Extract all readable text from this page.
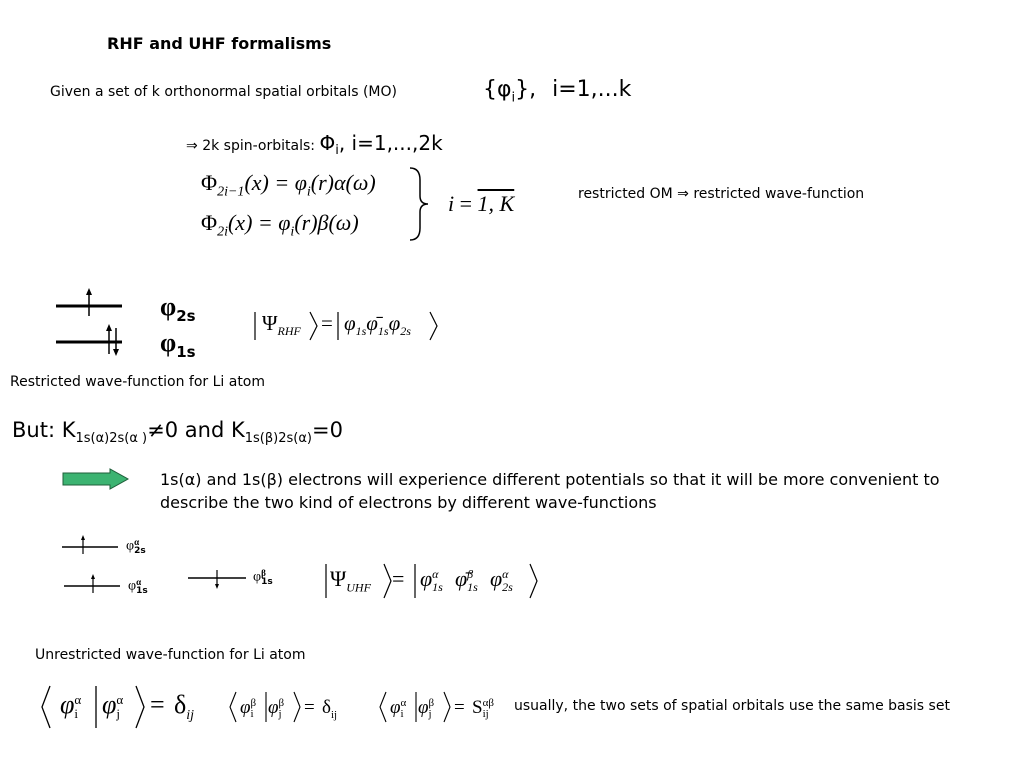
RHF and UHF formalisms
Given a set of k orthonormal spatial orbitals (MO)	$\{\varphi_i\}$, i=1,...k
⇒ 2k spin-orbitals: $\Phi_i$, i=1,...,2k
$\Phi_{2i-1}(x) = \varphi_i(r)\alpha(\omega)$
$\Phi_{2i}(x) = \varphi_i(r)\beta(\omega)$
i = 1, K	restricted OM ⇒ restricted wave-function
$\varphi_{2s}$
$\varphi_{1s}$
$\Psi_{RHF}$ = $\varphi_{1s}\varphī_{1s}\varphi_{2s}$
Restricted wave-function for Li atom
But: $K_{1s(\alpha)2s(\alpha )}\ne 0$ and $K_{1s(\beta)2s(\alpha)}=0$
1s(α) and 1s(β) electrons will experience different potentials so that it will be more convenient to describe the two kind of electrons by different wave-functions
φα
2s
φα
1s
φβ
1s	$\Psi_{UHF} = \varphi\alpha$
1s φ̄β
1s φα
2s
Unrestricted wave-function for Li atom
φα
i φα
$j = \delta_{ij}$ φβ
i φβ
$j = \delta_{ij}$	φα
i φβ
j = Sαβ
ij	usually, the two sets of spatial orbitals use the same basis set
